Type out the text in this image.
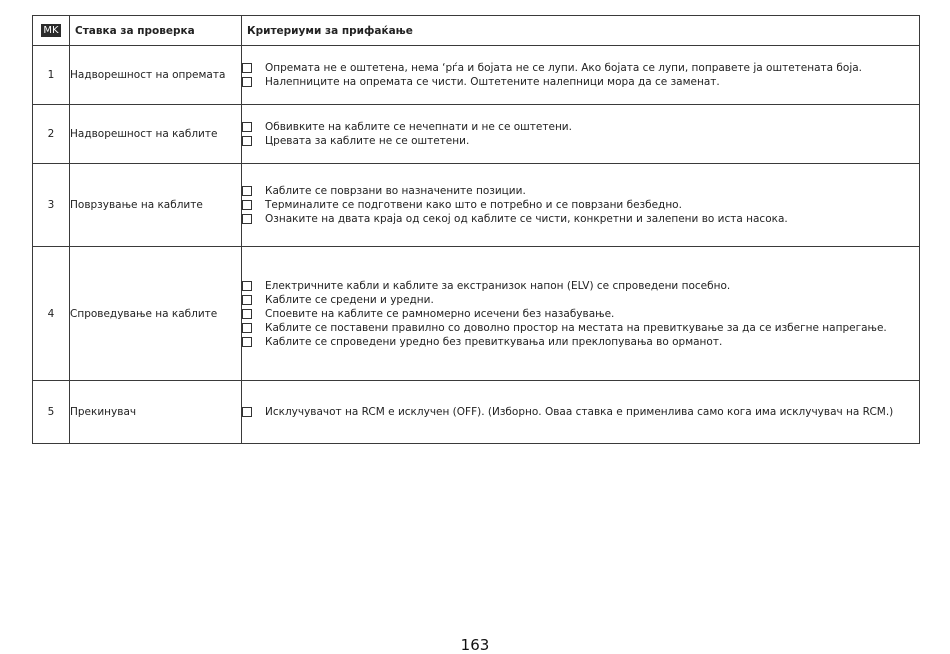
MK	Ставка за проверка	Критериуми за прифаќање
1	Надворешност на опремата	Опремата не е оштетена, нема ‘рѓа и бојата не се лупи. Ако бојата се лупи, поправете ја оштетената боја.
Налепниците на опремата се чисти. Оштетените налепници мора да се заменат.

2	Надворешност на каблите	Обвивките на каблите се нечепнати и не се оштетени.
Цревата за каблите не се оштетени.

3	Поврзување на каблите	Каблите се поврзани во назначените позиции.
Терминалите се подготвени како што е потребно и се поврзани безбедно.
Ознаките на двата краја од секој од каблите се чисти, конкретни и залепени во иста насока.

4	Спроведување на каблите	Електричните кабли и каблите за екстранизок напон (ELV) се спроведени посебно.
Каблите се средени и уредни.
Споевите на каблите се рамномерно исечени без назабување.
Каблите се поставени правилно со доволно простор на местата на превиткување за да се избегне напрегање.
Каблите се спроведени уредно без превиткувања или преклопувања во орманот.

5	Прекинувач	Исклучувачот на RCM е исклучен (OFF). (Изборно. Оваа ставка е применлива само кога има исклучувач на RCM.)
163
